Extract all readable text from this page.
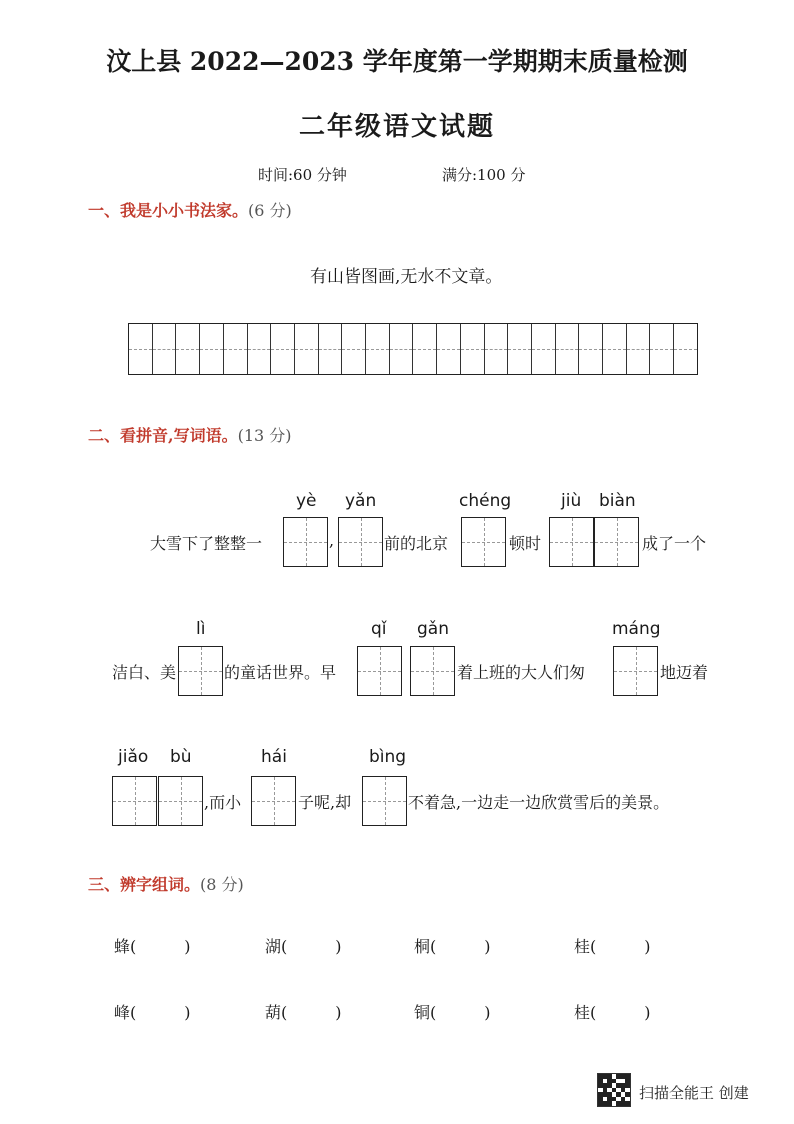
汶上县 2022—2023 学年度第一学期期末质量检测
二年级语文试题
时间:60 分钟	满分:100 分
一、我是小小书法家。(6 分)
有山皆图画,无水不文章。
二、看拼音,写词语。(13 分)
yè yǎn	chéng	jiù biàn
大雪下了整整一	,	前的北京	顿时	成了一个
lì	qǐ gǎn	máng
洁白、美	的童话世界。早	着上班的大人们匆	地迈着
jiǎo bù	hái	bìng
,而小	子呢,却	不着急,一边走一边欣赏雪后的美景。
三、辨字组词。(8 分)
蜂(　　　)	湖(　　　)	桐(　　　)	桂(　　　)
峰(　　　)	葫(　　　)	铜(　　　)	桂(　　　)
扫描全能王 创建
